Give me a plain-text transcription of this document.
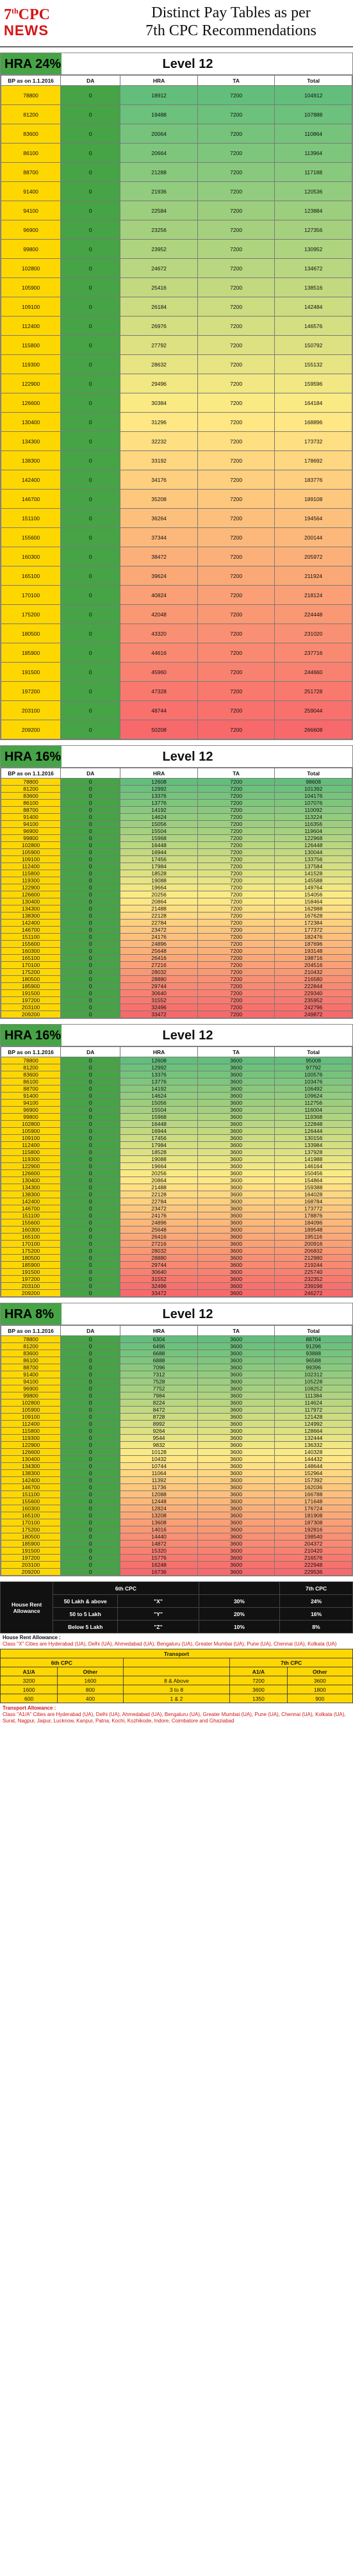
7thCPC
NEWS
Distinct Pay Tables as per
7th CPC Recommendations
HRA 24%	Level 12
BP as on 1.1.2016	DA	HRA	TA	Total
78800	0	18912	7200	104912
81200	0	19488	7200	107888
83600	0	20064	7200	110864
86100	0	20664	7200	113964
88700	0	21288	7200	117188
91400	0	21936	7200	120536
94100	0	22584	7200	123884
96900	0	23256	7200	127356
99800	0	23952	7200	130952
102800	0	24672	7200	134672
105900	0	25416	7200	138516
109100	0	26184	7200	142484
112400	0	26976	7200	146576
115800	0	27792	7200	150792
119300	0	28632	7200	155132
122900	0	29496	7200	159596
126600	0	30384	7200	164184
130400	0	31296	7200	168896
134300	0	32232	7200	173732
138300	0	33192	7200	178692
142400	0	34176	7200	183776
146700	0	35208	7200	189108
151100	0	36264	7200	194564
155600	0	37344	7200	200144
160300	0	38472	7200	205972
165100	0	39624	7200	211924
170100	0	40824	7200	218124
175200	0	42048	7200	224448
180500	0	43320	7200	231020
185900	0	44616	7200	237716
191500	0	45960	7200	244660
197200	0	47328	7200	251728
203100	0	48744	7200	259044
209200	0	50208	7200	266608
HRA 16%	Level 12
BP as on 1.1.2016	DA	HRA	TA	Total
78800	0	12608	7200	98608
81200	0	12992	7200	101392
83600	0	13376	7200	104176
86100	0	13776	7200	107076
88700	0	14192	7200	110092
91400	0	14624	7200	113224
94100	0	15056	7200	116356
96900	0	15504	7200	119604
99800	0	15968	7200	122968
102800	0	16448	7200	126448
105900	0	16944	7200	130044
109100	0	17456	7200	133756
112400	0	17984	7200	137584
115800	0	18528	7200	141528
119300	0	19088	7200	145588
122900	0	19664	7200	149764
126600	0	20256	7200	154056
130400	0	20864	7200	158464
134300	0	21488	7200	162988
138300	0	22128	7200	167628
142400	0	22784	7200	172384
146700	0	23472	7200	177372
151100	0	24176	7200	182476
155600	0	24896	7200	187696
160300	0	25648	7200	193148
165100	0	26416	7200	198716
170100	0	27216	7200	204516
175200	0	28032	7200	210432
180500	0	28880	7200	216580
185900	0	29744	7200	222844
191500	0	30640	7200	229340
197200	0	31552	7200	235952
203100	0	32496	7200	242796
209200	0	33472	7200	249872
HRA 16%	Level 12
BP as on 1.1.2016	DA	HRA	TA	Total
78800	0	12608	3600	95008
81200	0	12992	3600	97792
83600	0	13376	3600	100576
86100	0	13776	3600	103476
88700	0	14192	3600	106492
91400	0	14624	3600	109624
94100	0	15056	3600	112756
96900	0	15504	3600	116004
99800	0	15968	3600	119368
102800	0	16448	3600	122848
105900	0	16944	3600	126444
109100	0	17456	3600	130156
112400	0	17984	3600	133984
115800	0	18528	3600	137928
119300	0	19088	3600	141988
122900	0	19664	3600	146164
126600	0	20256	3600	150456
130400	0	20864	3600	154864
134300	0	21488	3600	159388
138300	0	22128	3600	164028
142400	0	22784	3600	168784
146700	0	23472	3600	173772
151100	0	24176	3600	178876
155600	0	24896	3600	184096
160300	0	25648	3600	189548
165100	0	26416	3600	195116
170100	0	27216	3600	200916
175200	0	28032	3600	206832
180500	0	28880	3600	212980
185900	0	29744	3600	219244
191500	0	30640	3600	225740
197200	0	31552	3600	232352
203100	0	32496	3600	239196
209200	0	33472	3600	246272
HRA 8%	Level 12
BP as on 1.1.2016	DA	HRA	TA	Total
78800	0	6304	3600	88704
81200	0	6496	3600	91296
83600	0	6688	3600	93888
86100	0	6888	3600	96588
88700	0	7096	3600	99396
91400	0	7312	3600	102312
94100	0	7528	3600	105228
96900	0	7752	3600	108252
99800	0	7984	3600	111384
102800	0	8224	3600	114624
105900	0	8472	3600	117972
109100	0	8728	3600	121428
112400	0	8992	3600	124992
115800	0	9264	3600	128664
119300	0	9544	3600	132444
122900	0	9832	3600	136332
126600	0	10128	3600	140328
130400	0	10432	3600	144432
134300	0	10744	3600	148644
138300	0	11064	3600	152964
142400	0	11392	3600	157392
146700	0	11736	3600	162036
151100	0	12088	3600	166788
155600	0	12448	3600	171648
160300	0	12824	3600	176724
165100	0	13208	3600	181908
170100	0	13608	3600	187308
175200	0	14016	3600	192816
180500	0	14440	3600	198540
185900	0	14872	3600	204372
191500	0	15320	3600	210420
197200	0	15776	3600	216576
203100	0	16248	3600	222948
209200	0	16736	3600	229536
House Rent Allowance	6th CPC			7th CPC
	50 Lakh & above	"X"	30%	24%
	50 to 5 Lakh	"Y"	20%	16%
	Below 5 Lakh	"Z"	10%	8%
House Rent Allowance :
Class "X" Cities are Hyderabad (UA), Delhi (UA), Ahmedabad (UA), Bengaluru (UA), Greater Mumbai (UA), Pune (UA), Chennai (UA), Kolkata (UA)
Transport				
6th CPC			7th CPC	
A1/A	Other		A1/A	Other
3200	1600	8 & Above	7200	3600
1600	800	3 to 8	3600	1800
600	400	1 & 2	1350	900
Transport Allowance :
Class "A1/A" Cities are Hyderabad (UA), Delhi (UA), Ahmedabad (UA), Bengaluru (UA), Greater Mumbai (UA), Pune (UA), Chennai (UA), Kolkata (UA), Surat, Nagpur, Jaipur, Lucknow, Kanpur, Patna, Kochi, Kozhikode, Indore, Coimbatore and Ghaziabad
